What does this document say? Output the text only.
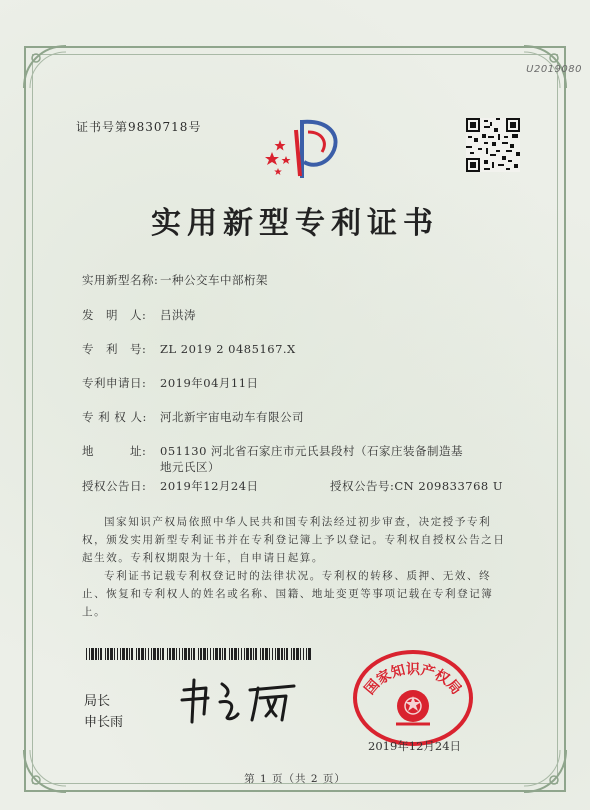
U2019080
证书号第9830718号
实用新型专利证书
实用新型名称: 一种公交车中部桁架
发　明　人: 吕洪涛
专　利　号: ZL 2019 2 0485167.X
专利申请日: 2019年04月11日
专 利 权 人: 河北新宇宙电动车有限公司
地　　　址: 051130 河北省石家庄市元氏县段村（石家庄装备制造基
地元氏区）
授权公告日: 2019年12月24日	授权公告号:CN 209833768 U
国家知识产权局依照中华人民共和国专利法经过初步审查，决定授予专利权，颁发实用新型专利证书并在专利登记簿上予以登记。专利权自授权公告之日起生效。专利权期限为十年，自申请日起算。
专利证书记载专利权登记时的法律状况。专利权的转移、质押、无效、终止、恢复和专利权人的姓名或名称、国籍、地址变更等事项记载在专利登记簿上。
局长
申长雨
国家知识产权局
2019年12月24日
第 1 页（共 2 页）
